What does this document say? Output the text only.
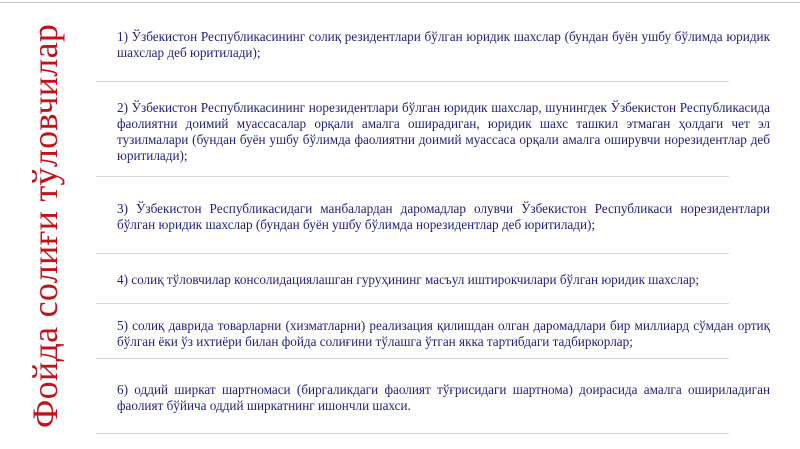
Фойда солиғи тўловчилар	1) Ўзбекистон Республикасининг солиқ резидентлари бўлган юридик шахслар (бундан буён ушбу бўлимда юридик шахслар деб юритилади);
2) Ўзбекистон Республикасининг норезидентлари бўлган юридик шахслар, шунингдек Ўзбекистон Республикасида фаолиятни доимий муассасалар орқали амалга оширадиган, юридик шахс ташкил этмаган ҳолдаги чет эл тузилмалари (бундан буён ушбу бўлимда фаолиятни доимий муассаса орқали амалга оширувчи норезидентлар деб юритилади);
3) Ўзбекистон Республикасидаги манбалардан даромадлар олувчи Ўзбекистон Республикаси норезидентлари бўлган юридик шахслар (бундан буён ушбу бўлимда норезидентлар деб юритилади);
4) солиқ тўловчилар консолидациялашган гуруҳининг масъул иштирокчилари бўлган юридик шахслар;
5) солиқ даврида товарларни (хизматларни) реализация қилишдан олган даромадлари бир миллиард сўмдан ортиқ бўлган ёки ўз ихтиёри билан фойда солиғини тўлашга ўтган якка тартибдаги тадбиркорлар;
6) оддий ширкат шартномаси (биргаликдаги фаолият тўғрисидаги шартнома) доирасида амалга ошириладиган фаолият бўйича оддий ширкатнинг ишончли шахси.
